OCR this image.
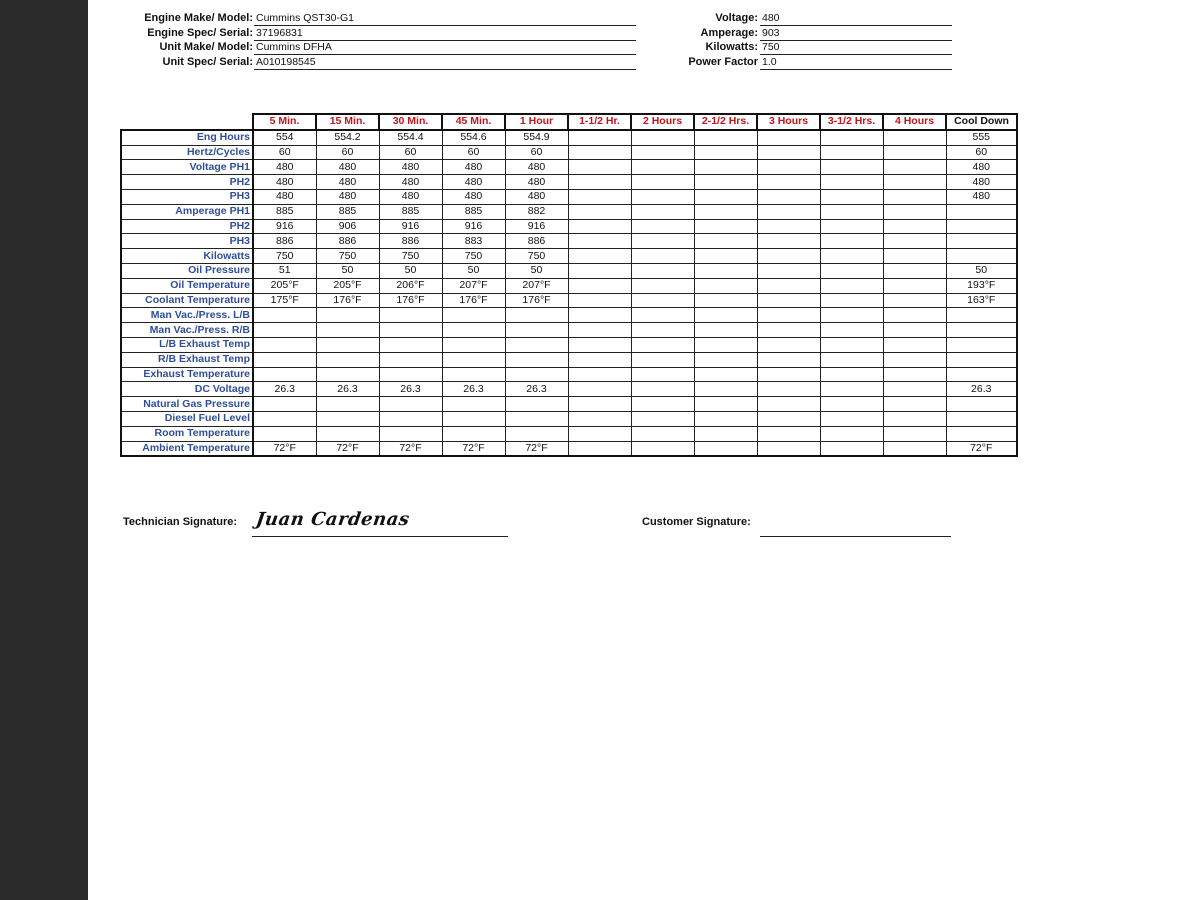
Engine Make/ Model: Cummins QST30-G1
Engine Spec/ Serial: 37196831
Unit Make/ Model: Cummins DFHA
Unit Spec/ Serial: A010198545
Voltage: 480
Amperage: 903
Kilowatts: 750
Power Factor 1.0
	5 Min.	15 Min.	30 Min.	45 Min.	1 Hour	1-1/2 Hr.	2 Hours	2-1/2 Hrs.	3 Hours	3-1/2 Hrs.	4 Hours	Cool Down
Eng Hours	554	554.2	554.4	554.6	554.9							555
Hertz/Cycles	60	60	60	60	60							60
Voltage PH1	480	480	480	480	480							480
PH2	480	480	480	480	480							480
PH3	480	480	480	480	480							480
Amperage PH1	885	885	885	885	882							
PH2	916	906	916	916	916							
PH3	886	886	886	883	886							
Kilowatts	750	750	750	750	750							
Oil Pressure	51	50	50	50	50							50
Oil Temperature	205°F	205°F	206°F	207°F	207°F							193°F
Coolant Temperature	175°F	176°F	176°F	176°F	176°F							163°F
Man Vac./Press. L/B												
Man Vac./Press. R/B												
L/B Exhaust Temp												
R/B Exhaust Temp												
Exhaust Temperature												
DC Voltage	26.3	26.3	26.3	26.3	26.3							26.3
Natural Gas Pressure												
Diesel Fuel Level												
Room Temperature												
Ambient Temperature	72°F	72°F	72°F	72°F	72°F							72°F
Technician Signature: Juan Cardenas	Customer Signature:
